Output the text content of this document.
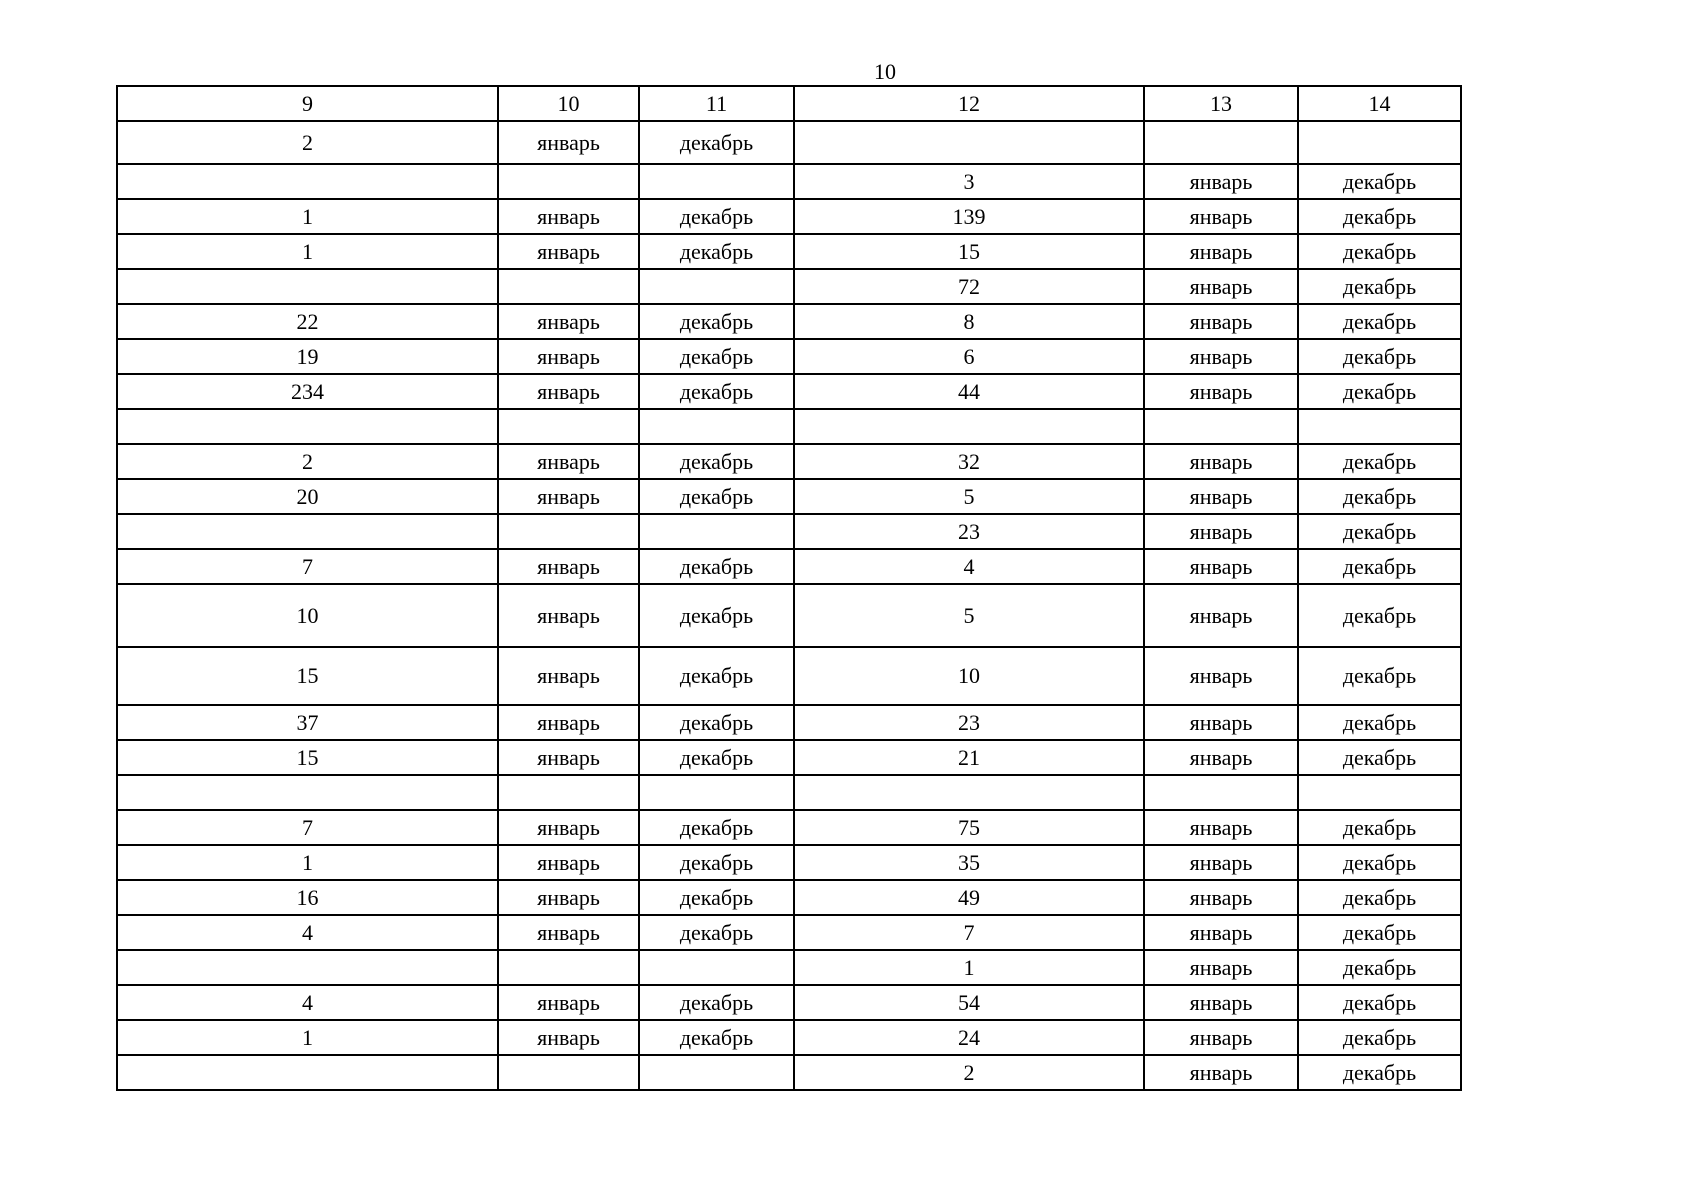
10
9	10	11	12	13	14
2	январь	декабрь			
			3	январь	декабрь
1	январь	декабрь	139	январь	декабрь
1	январь	декабрь	15	январь	декабрь
			72	январь	декабрь
22	январь	декабрь	8	январь	декабрь
19	январь	декабрь	6	январь	декабрь
234	январь	декабрь	44	январь	декабрь

2	январь	декабрь	32	январь	декабрь
20	январь	декабрь	5	январь	декабрь
			23	январь	декабрь
7	январь	декабрь	4	январь	декабрь
10	январь	декабрь	5	январь	декабрь
15	январь	декабрь	10	январь	декабрь
37	январь	декабрь	23	январь	декабрь
15	январь	декабрь	21	январь	декабрь

7	январь	декабрь	75	январь	декабрь
1	январь	декабрь	35	январь	декабрь
16	январь	декабрь	49	январь	декабрь
4	январь	декабрь	7	январь	декабрь
			1	январь	декабрь
4	январь	декабрь	54	январь	декабрь
1	январь	декабрь	24	январь	декабрь
			2	январь	декабрь
